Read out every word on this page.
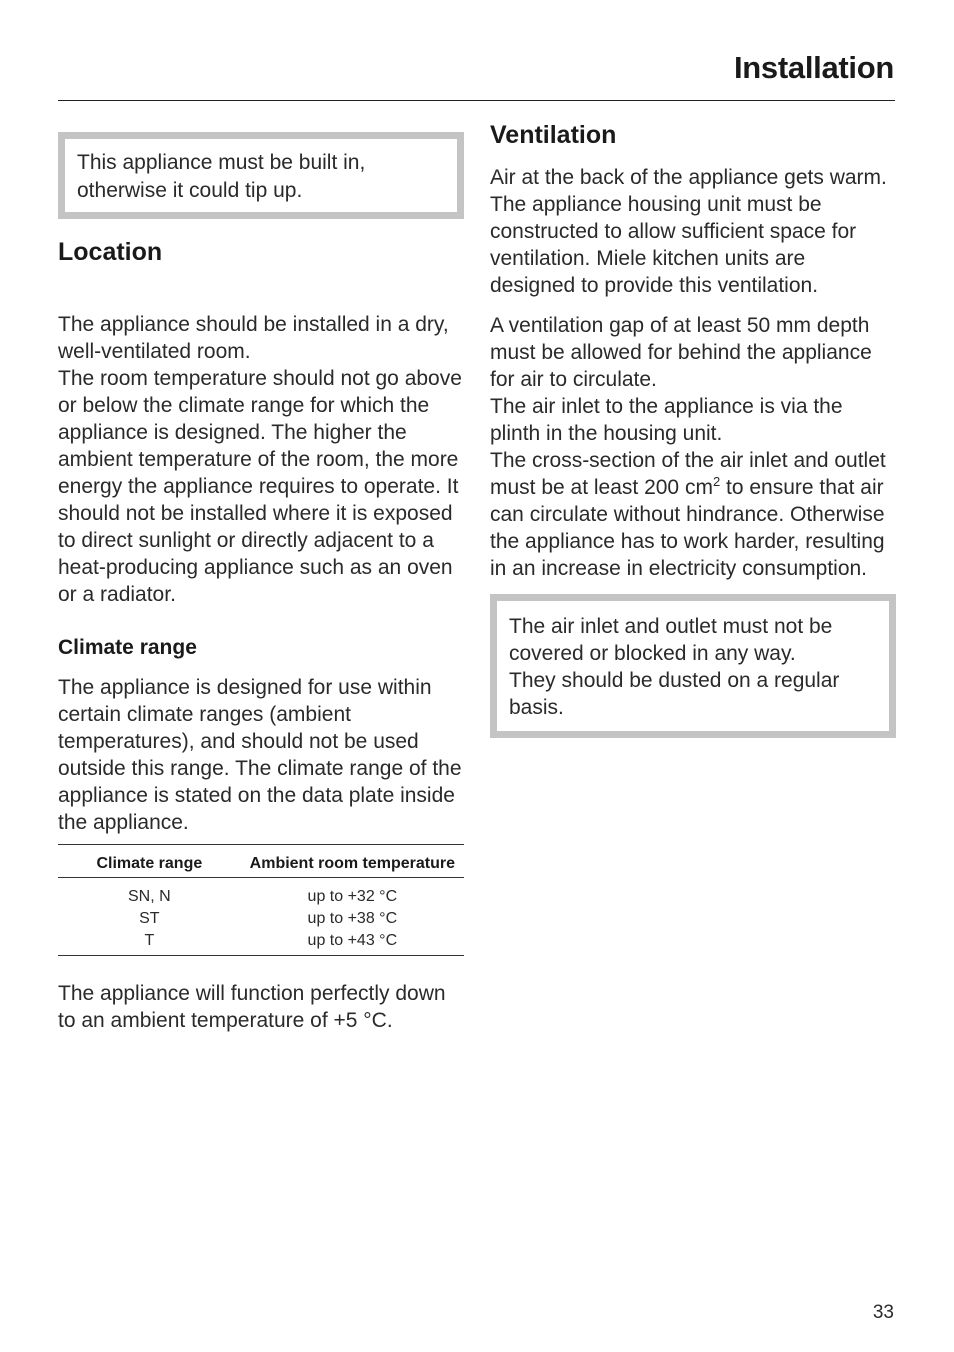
Installation
This appliance must be built in, otherwise it could tip up.
Location

The appliance should be installed in a dry, well-ventilated room.

The room temperature should not go above or below the climate range for which the appliance is designed. The higher the ambient temperature of the room, the more energy the appliance requires to operate. It should not be installed where it is exposed to direct sunlight or directly adjacent to a heat-producing appliance such as an oven or a radiator.

Climate range

The appliance is designed for use within certain climate ranges (ambient temperatures), and should not be used outside this range. The climate range of the appliance is stated on the data plate inside the appliance.

Climate range	Ambient room temperature
SN, N	up to +32 °C
ST	up to +38 °C
T	up to +43 °C

The appliance will function perfectly down to an ambient temperature of +5 °C.

Ventilation

Air at the back of the appliance gets warm. The appliance housing unit must be constructed to allow sufficient space for ventilation. Miele kitchen units are designed to provide this ventilation.

A ventilation gap of at least 50 mm depth must be allowed for behind the appliance for air to circulate.

The air inlet to the appliance is via the plinth in the housing unit.

The cross-section of the air inlet and outlet must be at least 200 $cm^2$ to ensure that air can circulate without hindrance. Otherwise the appliance has to work harder, resulting in an increase in electricity consumption.

The air inlet and outlet must not be covered or blocked in any way.
They should be dusted on a regular basis.
33
